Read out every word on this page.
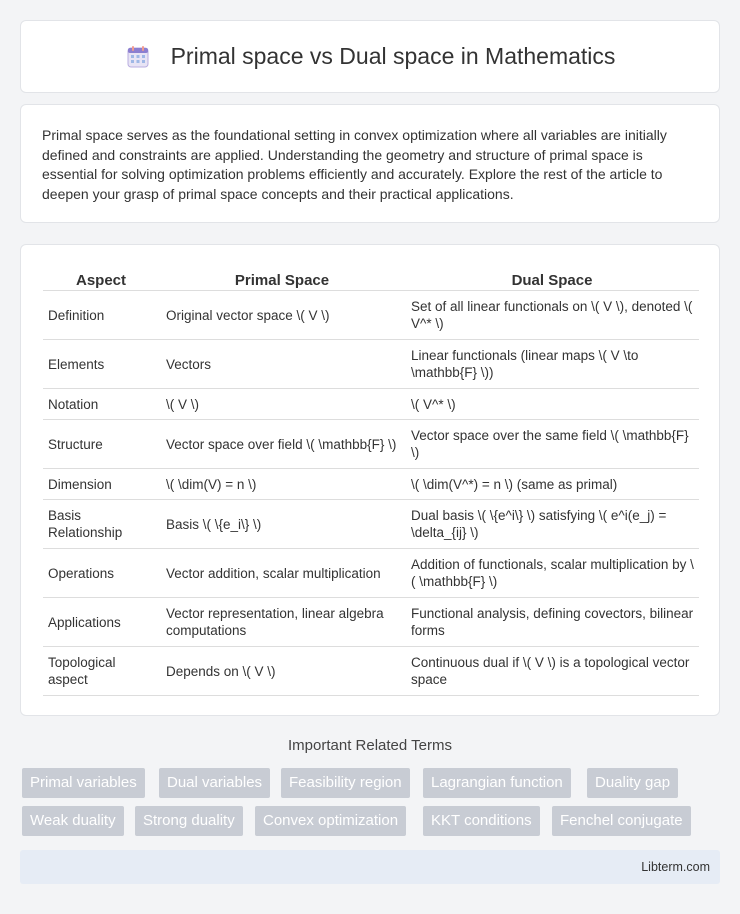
Primal space vs Dual space in Mathematics

Primal space serves as the foundational setting in convex optimization where all variables are initially defined and constraints are applied. Understanding the geometry and structure of primal space is essential for solving optimization problems efficiently and accurately. Explore the rest of the article to deepen your grasp of primal space concepts and their practical applications.

Aspect	Primal Space	Dual Space
Definition	Original vector space \( V \)	Set of all linear functionals on \( V \), denoted \( V^* \)
Elements	Vectors	Linear functionals (linear maps \( V \to \mathbb{F} \))
Notation	\( V \)	\( V^* \)
Structure	Vector space over field \( \mathbb{F} \)	Vector space over the same field \( \mathbb{F} \)
Dimension	\( \dim(V) = n \)	\( \dim(V^*) = n \) (same as primal)
Basis Relationship	Basis \( \{e_i\} \)	Dual basis \( \{e^i\} \) satisfying \( e^i(e_j) = \delta_{ij} \)
Operations	Vector addition, scalar multiplication	Addition of functionals, scalar multiplication by \( \mathbb{F} \)
Applications	Vector representation, linear algebra computations	Functional analysis, defining covectors, bilinear forms
Topological aspect	Depends on \( V \)	Continuous dual if \( V \) is a topological vector space
Important Related Terms
Primal variables	Dual variables	Feasibility region	Lagrangian function	Duality gap
Weak duality	Strong duality	Convex optimization	KKT conditions	Fenchel conjugate
Libterm.com
